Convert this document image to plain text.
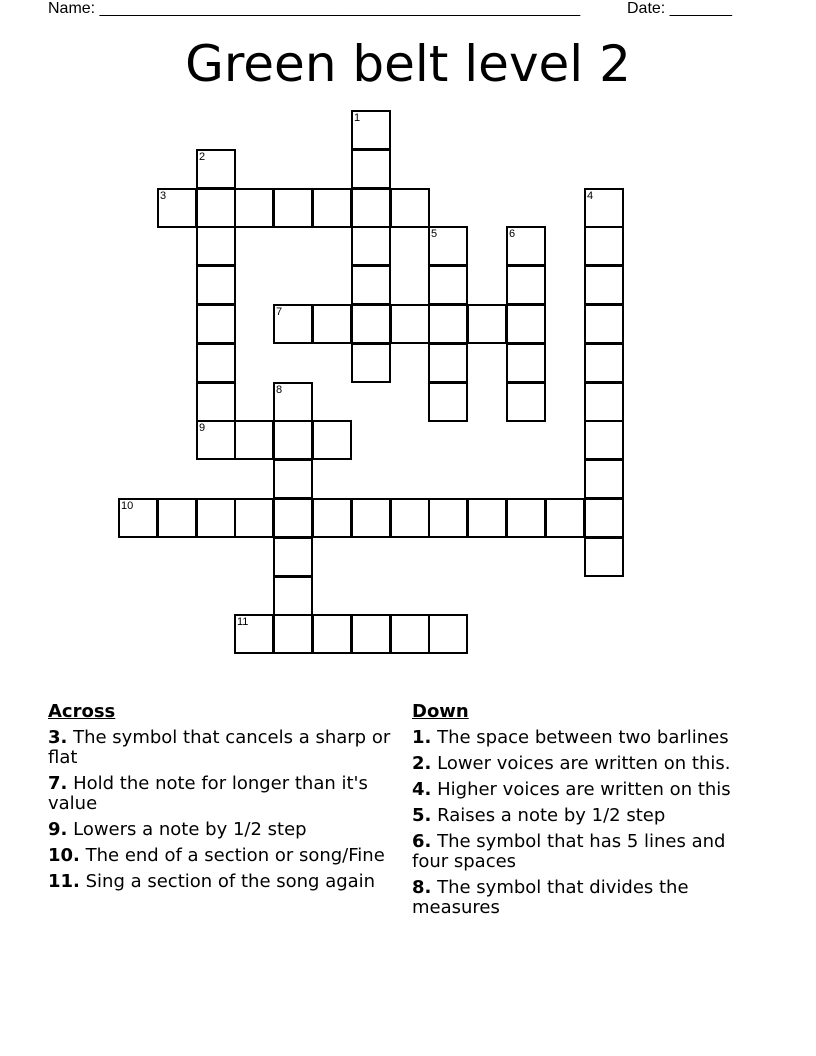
Name: ______________________________________________________	Date: _______
Green belt level 2
1
2
3	4
5	6
7
8
9
10
11
Across
3. The symbol that cancels a sharp or flat
7. Hold the note for longer than it's value
9. Lowers a note by 1/2 step
10. The end of a section or song/Fine
11. Sing a section of the song again
Down
1. The space between two barlines
2. Lower voices are written on this.
4. Higher voices are written on this
5. Raises a note by 1/2 step
6. The symbol that has 5 lines and four spaces
8. The symbol that divides the measures
